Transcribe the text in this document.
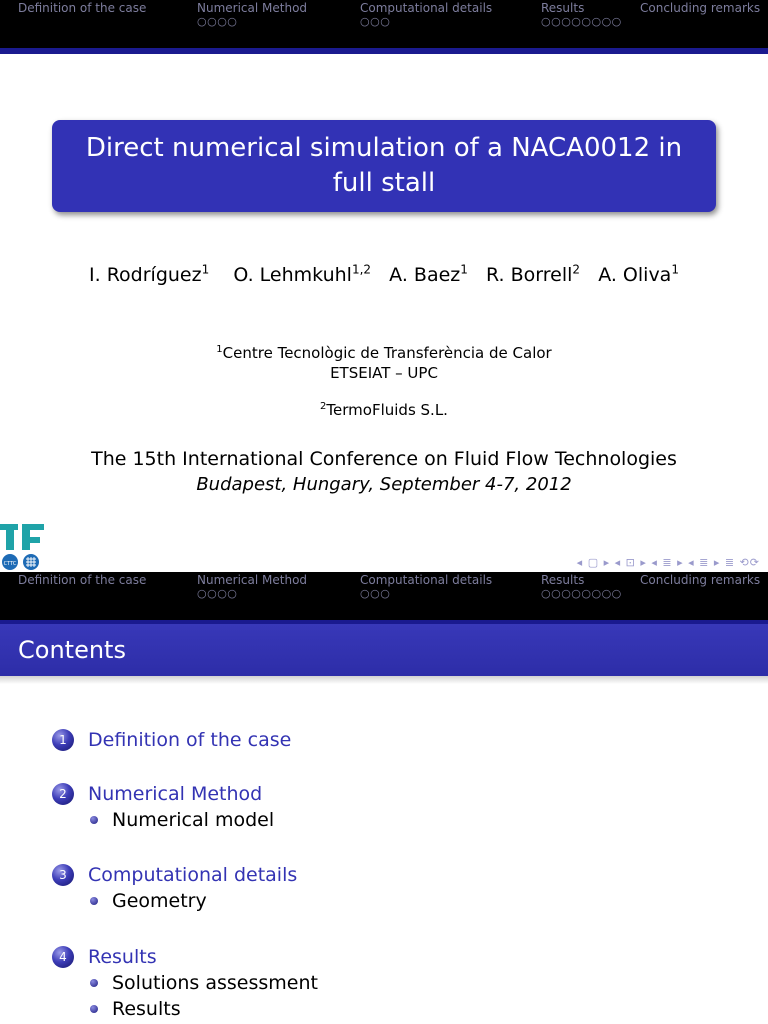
Definition of the case	Numerical Method
○○○○
Computational details
○○○
Results
○○○○○○○○
Concluding remarks
Direct numerical simulation of a NACA0012 in full stall
I. Rodríguez$^1$ O. Lehmkuhl$^{1,2}$ A. Baez$^1$ R. Borrell$^2$ A. Oliva$^1$
$^1$Centre Tecnològic de Transferència de Calor
ETSEIAT – UPC
$^2$TermoFluids S.L.
The 15th International Conference on Fluid Flow Technologies
Budapest, Hungary, September 4-7, 2012
CTTC	◂ ▢ ▸ ◂ ⊡ ▸ ◂ ≣ ▸ ◂ ≣ ▸ ≣ ⟲⟳
Definition of the case	Numerical Method
○○○○
Computational details
○○○
Results
○○○○○○○○
Concluding remarks
Contents
1	Definition of the case
2	Numerical Method
Numerical model
3	Computational details
Geometry
4	Results
Solutions assessment
Results
